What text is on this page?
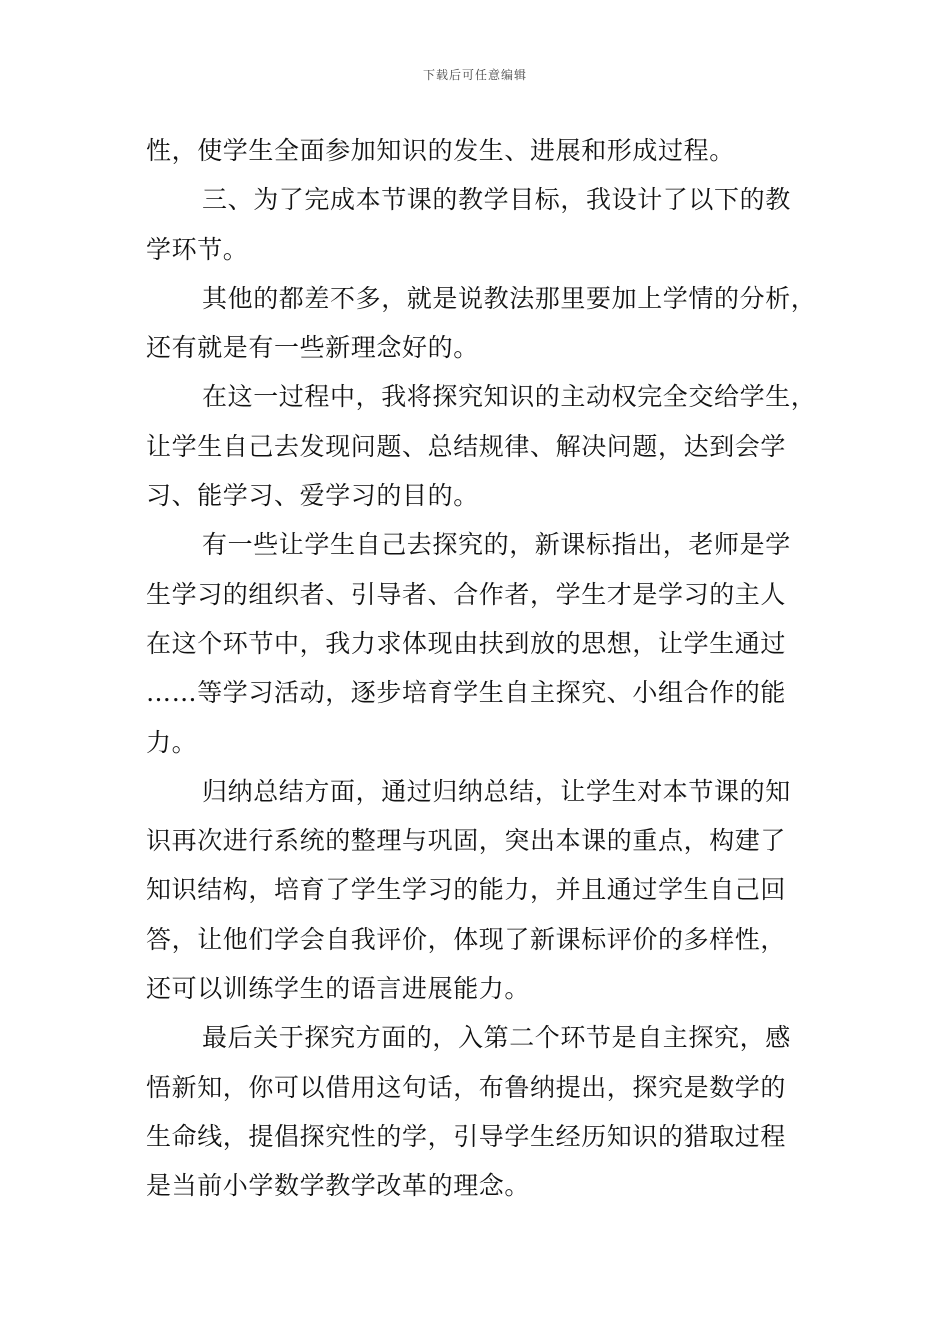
下载后可任意编辑
性，使学生全面参加知识的发生、进展和形成过程。
三、为了完成本节课的教学目标，我设计了以下的教
学环节。
其他的都差不多，就是说教法那里要加上学情的分析，
还有就是有一些新理念好的。
在这一过程中，我将探究知识的主动权完全交给学生，
让学生自己去发现问题、总结规律、解决问题，达到会学
习、能学习、爱学习的目的。
有一些让学生自己去探究的，新课标指出，老师是学
生学习的组织者、引导者、合作者，学生才是学习的主人
在这个环节中，我力求体现由扶到放的思想，让学生通过
……等学习活动，逐步培育学生自主探究、小组合作的能
力。
归纳总结方面，通过归纳总结，让学生对本节课的知
识再次进行系统的整理与巩固，突出本课的重点，构建了
知识结构，培育了学生学习的能力，并且通过学生自己回
答，让他们学会自我评价，体现了新课标评价的多样性，
还可以训练学生的语言进展能力。
最后关于探究方面的，入第二个环节是自主探究，感
悟新知，你可以借用这句话，布鲁纳提出，探究是数学的
生命线，提倡探究性的学，引导学生经历知识的猎取过程
是当前小学数学教学改革的理念。
